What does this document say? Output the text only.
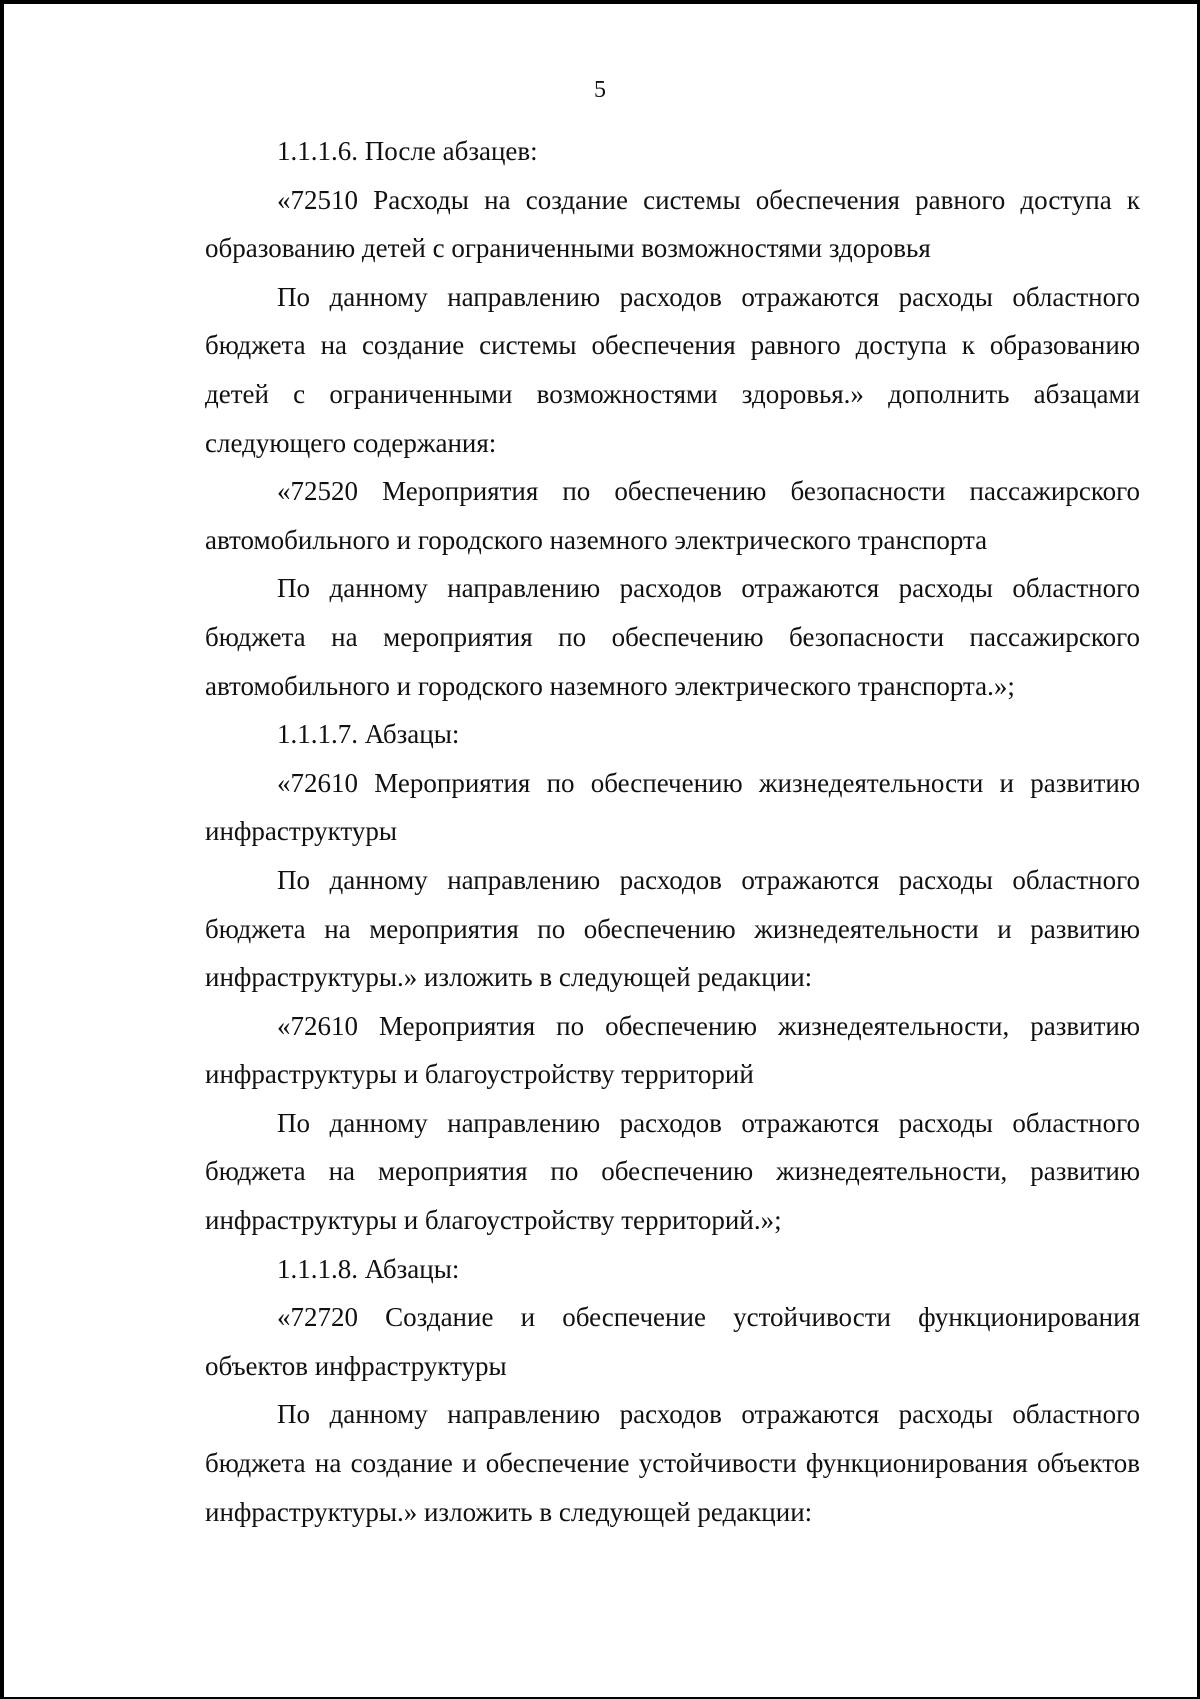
5

1.1.1.6. После абзацев:

«72510 Расходы на создание системы обеспечения равного доступа к образованию детей с ограниченными возможностями здоровья

По данному направлению расходов отражаются расходы областного бюджета на создание системы обеспечения равного доступа к образованию детей с ограниченными возможностями здоровья.» дополнить абзацами следующего содержания:

«72520 Мероприятия по обеспечению безопасности пассажирского автомобильного и городского наземного электрического транспорта

По данному направлению расходов отражаются расходы областного бюджета на мероприятия по обеспечению безопасности пассажирского автомобильного и городского наземного электрического транспорта.»;

1.1.1.7. Абзацы:

«72610 Мероприятия по обеспечению жизнедеятельности и развитию инфраструктуры

По данному направлению расходов отражаются расходы областного бюджета на мероприятия по обеспечению жизнедеятельности и развитию инфраструктуры.» изложить в следующей редакции:

«72610 Мероприятия по обеспечению жизнедеятельности, развитию инфраструктуры и благоустройству территорий

По данному направлению расходов отражаются расходы областного бюджета на мероприятия по обеспечению жизнедеятельности, развитию инфраструктуры и благоустройству территорий.»;

1.1.1.8. Абзацы:

«72720 Создание и обеспечение устойчивости функционирования объектов инфраструктуры

По данному направлению расходов отражаются расходы областного бюджета на создание и обеспечение устойчивости функционирования объектов инфраструктуры.» изложить в следующей редакции:
